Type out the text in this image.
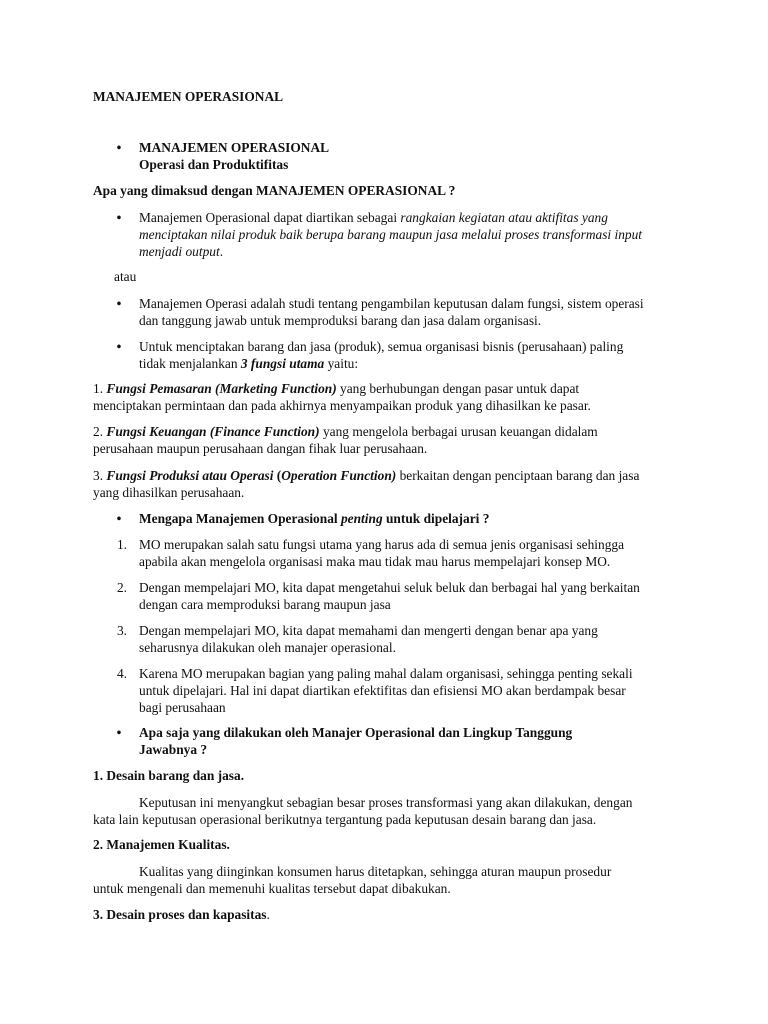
MANAJEMEN OPERASIONAL
• MANAJEMEN OPERASIONAL
Operasi dan Produktifitas
Apa yang dimaksud dengan MANAJEMEN OPERASIONAL ?
• Manajemen Operasional dapat diartikan sebagai rangkaian kegiatan atau aktifitas yang
menciptakan nilai produk baik berupa barang maupun jasa melalui proses transformasi input
menjadi output.
atau
• Manajemen Operasi adalah studi tentang pengambilan keputusan dalam fungsi, sistem operasi
dan tanggung jawab untuk memproduksi barang dan jasa dalam organisasi.
• Untuk menciptakan barang dan jasa (produk), semua organisasi bisnis (perusahaan) paling
tidak menjalankan 3 fungsi utama yaitu:
1. Fungsi Pemasaran (Marketing Function) yang berhubungan dengan pasar untuk dapat
menciptakan permintaan dan pada akhirnya menyampaikan produk yang dihasilkan ke pasar.
2. Fungsi Keuangan (Finance Function) yang mengelola berbagai urusan keuangan didalam
perusahaan maupun perusahaan dangan fihak luar perusahaan.
3. Fungsi Produksi atau Operasi (Operation Function) berkaitan dengan penciptaan barang dan jasa
yang dihasilkan perusahaan.
• Mengapa Manajemen Operasional penting untuk dipelajari ?
1. MO merupakan salah satu fungsi utama yang harus ada di semua jenis organisasi sehingga
apabila akan mengelola organisasi maka mau tidak mau harus mempelajari konsep MO.
2. Dengan mempelajari MO, kita dapat mengetahui seluk beluk dan berbagai hal yang berkaitan
dengan cara memproduksi barang maupun jasa
3. Dengan mempelajari MO, kita dapat memahami dan mengerti dengan benar apa yang
seharusnya dilakukan oleh manajer operasional.
4. Karena MO merupakan bagian yang paling mahal dalam organisasi, sehingga penting sekali
untuk dipelajari. Hal ini dapat diartikan efektifitas dan efisiensi MO akan berdampak besar
bagi perusahaan
• Apa saja yang dilakukan oleh Manajer Operasional dan Lingkup Tanggung
Jawabnya ?
1. Desain barang dan jasa.
Keputusan ini menyangkut sebagian besar proses transformasi yang akan dilakukan, dengan
kata lain keputusan operasional berikutnya tergantung pada keputusan desain barang dan jasa.
2. Manajemen Kualitas.
Kualitas yang diinginkan konsumen harus ditetapkan, sehingga aturan maupun prosedur
untuk mengenali dan memenuhi kualitas tersebut dapat dibakukan.
3. Desain proses dan kapasitas.
